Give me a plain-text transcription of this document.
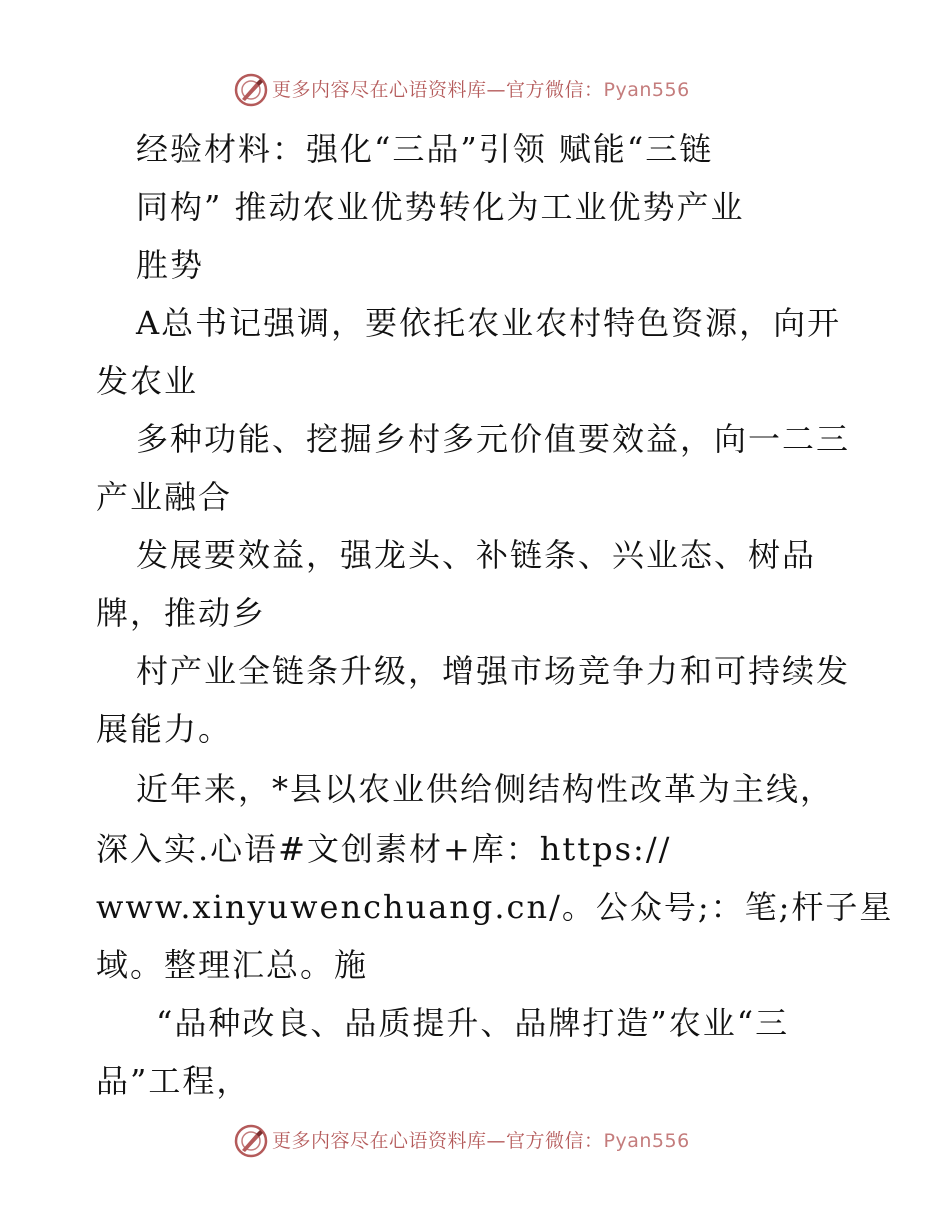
更多内容尽在心语资料库—官方微信：Pyan556
经验材料：强化“三品”引领 赋能“三链
同构” 推动农业优势转化为工业优势产业
胜势
A总书记强调，要依托农业农村特色资源，向开
发农业
多种功能、挖掘乡村多元价值要效益，向一二三
产业融合
发展要效益，强龙头、补链条、兴业态、树品
牌，推动乡
村产业全链条升级，增强市场竞争力和可持续发
展能力。
近年来，*县以农业供给侧结构性改革为主线，
深入实.心语#文创素材+库：https://
www.xinyuwenchuang.cn/。公众号;：笔;杆子星
域。整理汇总。施
“品种改良、品质提升、品牌打造”农业“三
品”工程，
更多内容尽在心语资料库—官方微信：Pyan556
